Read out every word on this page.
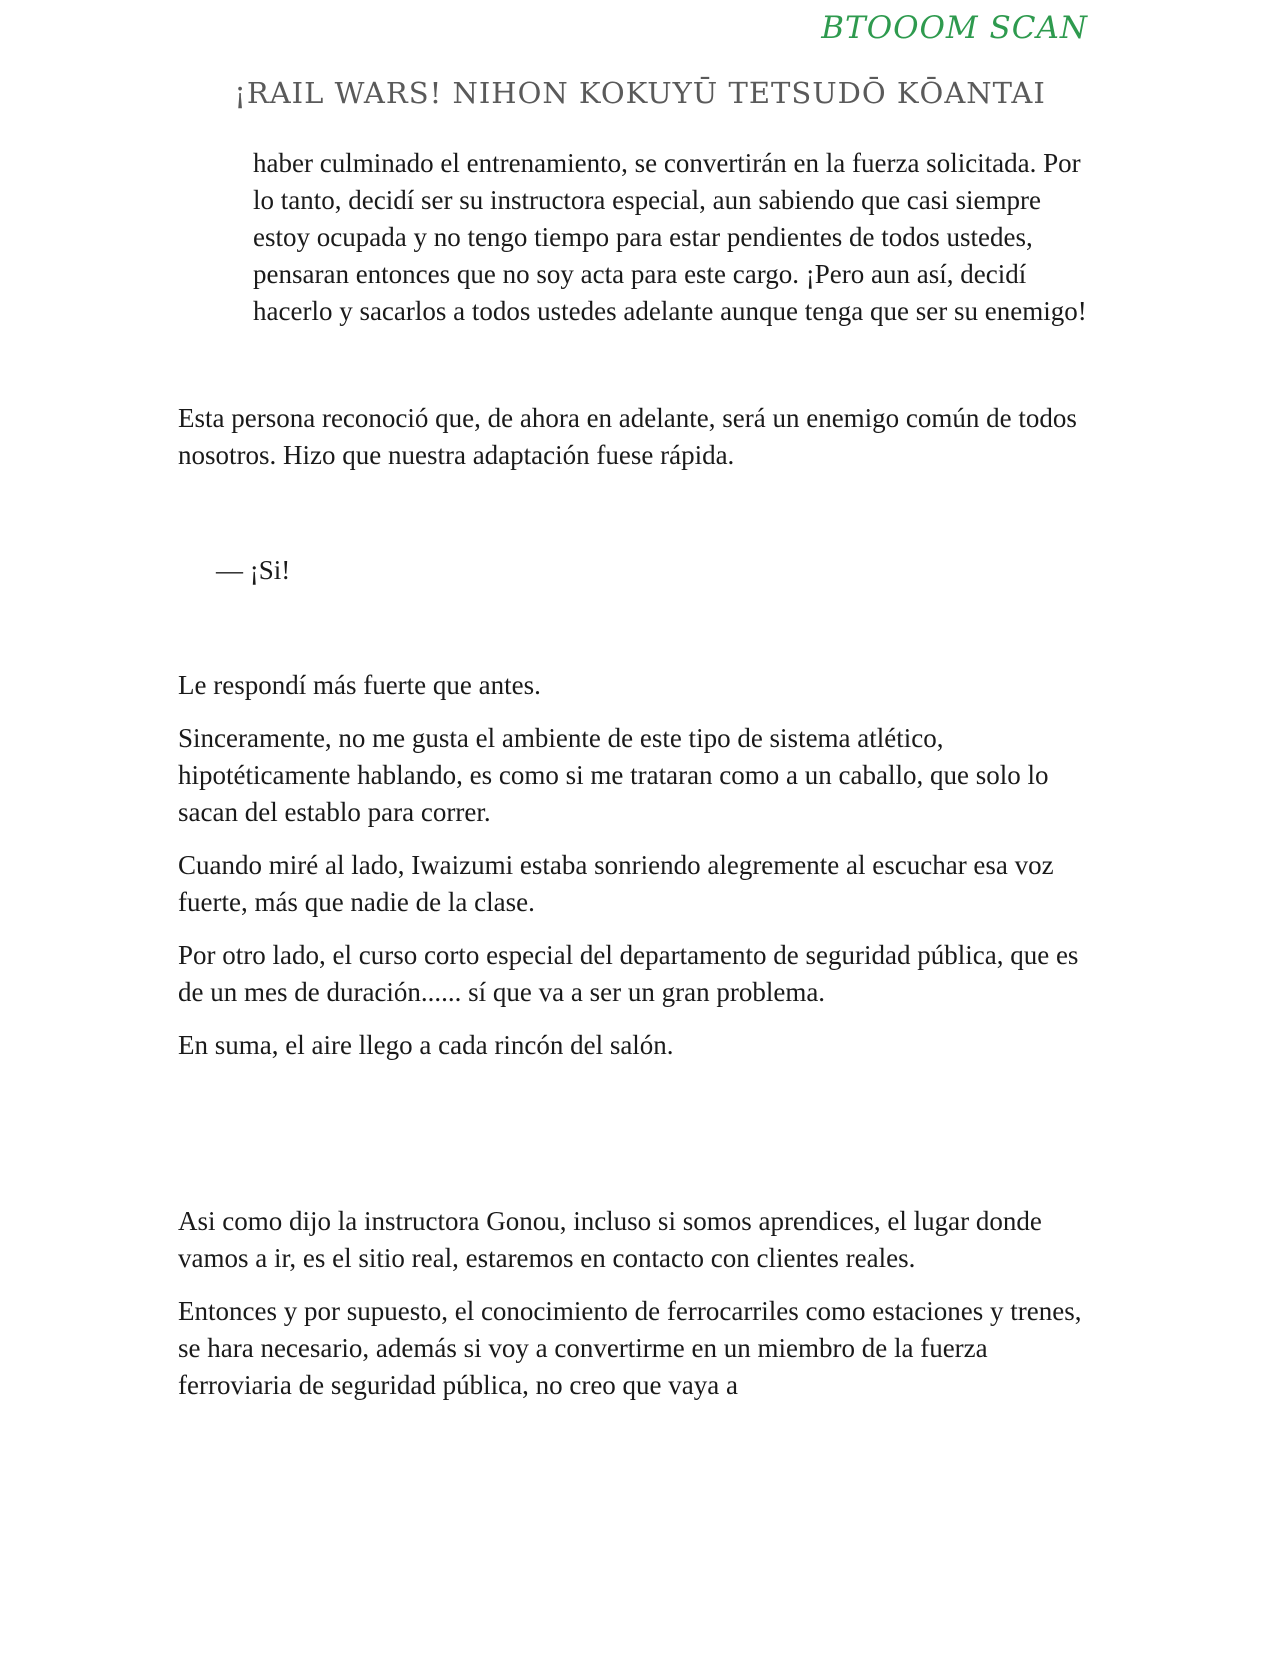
BTOOOM SCAN
¡RAIL WARS! NIHON KOKUYŪ TETSUDŌ KŌANTAI

haber culminado el entrenamiento, se convertirán en la fuerza solicitada. Por lo tanto, decidí ser su instructora especial, aun sabiendo que casi siempre estoy ocupada y no tengo tiempo para estar pendientes de todos ustedes, pensaran entonces que no soy acta para este cargo. ¡Pero aun así, decidí hacerlo y sacarlos a todos ustedes adelante aunque tenga que ser su enemigo!

Esta persona reconoció que, de ahora en adelante, será un enemigo común de todos nosotros. Hizo que nuestra adaptación fuese rápida.

— ¡Si!

Le respondí más fuerte que antes.

Sinceramente, no me gusta el ambiente de este tipo de sistema atlético, hipotéticamente hablando, es como si me trataran como a un caballo, que solo lo sacan del establo para correr.

Cuando miré al lado, Iwaizumi estaba sonriendo alegremente al escuchar esa voz fuerte, más que nadie de la clase.

Por otro lado, el curso corto especial del departamento de seguridad pública, que es de un mes de duración...... sí que va a ser un gran problema.

En suma, el aire llego a cada rincón del salón.

Asi como dijo la instructora Gonou, incluso si somos aprendices, el lugar donde vamos a ir, es el sitio real, estaremos en contacto con clientes reales.

Entonces y por supuesto, el conocimiento de ferrocarriles como estaciones y trenes, se hara necesario, además si voy a convertirme en un miembro de la fuerza ferroviaria de seguridad pública, no creo que vaya a
